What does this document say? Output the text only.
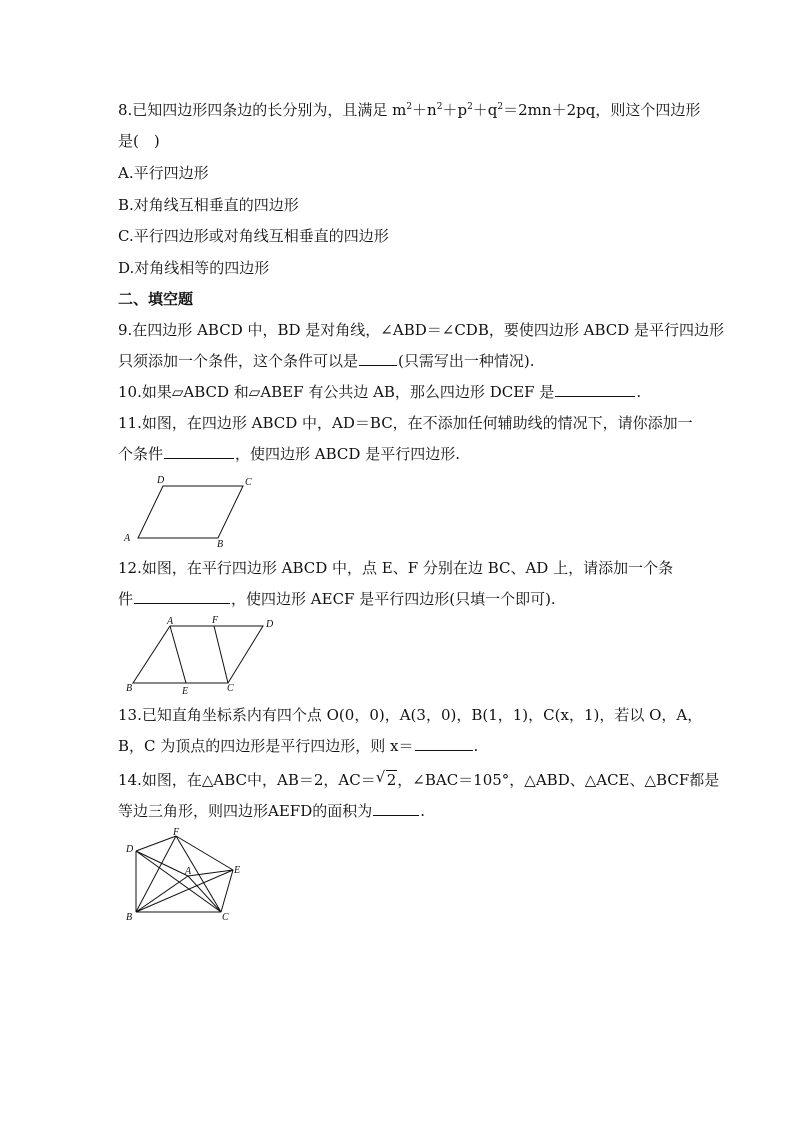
8.已知四边形四条边的长分别为，且满足 $m^2+n^2+p^2+q^2=2mn+2pq$，则这个四边形
是(　)
A.平行四边形
B.对角线互相垂直的四边形
C.平行四边形或对角线互相垂直的四边形
D.对角线相等的四边形
二、填空题
9.在四边形 ABCD 中，BD 是对角线，∠ABD＝∠CDB，要使四边形 ABCD 是平行四边形
只须添加一个条件，这个条件可以是	(只需写出一种情况).
10.如果▱ABCD 和▱ABEF 有公共边 AB，那么四边形 DCEF 是	.
11.如图，在四边形 ABCD 中，AD＝BC，在不添加任何辅助线的情况下，请你添加一
个条件	，使四边形 ABCD 是平行四边形.
D	C
A
B
12.如图，在平行四边形 ABCD 中，点 E、F 分别在边 BC、AD 上，请添加一个条
件	，使四边形 AECF 是平行四边形(只填一个即可).
A	F	D
B	E	C
13.已知直角坐标系内有四个点 O(0，0)，A(3，0)，B(1，1)，C(x，1)，若以 O，A，
B，C 为顶点的四边形是平行四边形，则 x＝	.
14.如图，在△ABC中，AB＝2，AC＝ √ 2，∠BAC＝105°，△ABD、△ACE、△BCF都是
等边三角形，则四边形AEFD的面积为	.
F
D
A	E
B	C
